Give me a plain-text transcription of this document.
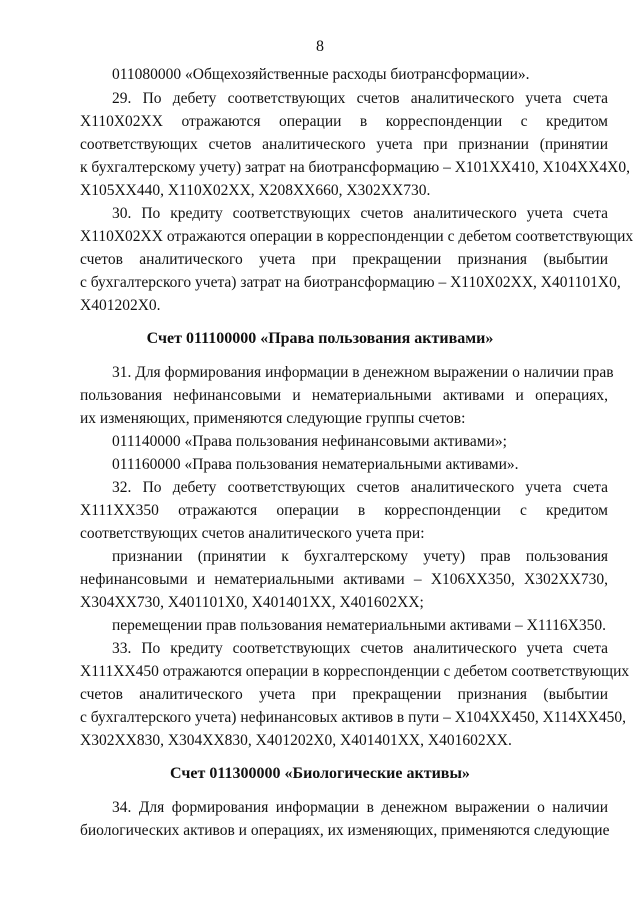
8
011080000 «Общехозяйственные расходы биотрансформации».
29. По дебету соответствующих счетов аналитического учета счета
Х110Х02ХХ отражаются операции в корреспонденции с кредитом
соответствующих счетов аналитического учета при признании (принятии
к бухгалтерскому учету) затрат на биотрансформацию – Х101ХХ410, Х104ХХ4Х0,
Х105ХХ440, Х110Х02ХХ, Х208ХХ660, Х302ХХ730.
30. По кредиту соответствующих счетов аналитического учета счета
Х110Х02ХХ отражаются операции в корреспонденции с дебетом соответствующих
счетов аналитического учета при прекращении признания (выбытии
с бухгалтерского учета) затрат на биотрансформацию – Х110Х02ХХ, Х401101Х0,
Х401202Х0.
Счет 011100000 «Права пользования активами»
31. Для формирования информации в денежном выражении о наличии прав
пользования нефинансовыми и нематериальными активами и операциях,
их изменяющих, применяются следующие группы счетов:
011140000 «Права пользования нефинансовыми активами»;
011160000 «Права пользования нематериальными активами».
32. По дебету соответствующих счетов аналитического учета счета
Х111ХХ350 отражаются операции в корреспонденции с кредитом
соответствующих счетов аналитического учета при:
признании (принятии к бухгалтерскому учету) прав пользования
нефинансовыми и нематериальными активами – Х106ХХ350, Х302ХХ730,
Х304ХХ730, Х401101Х0, Х401401ХХ, Х401602ХХ;
перемещении прав пользования нематериальными активами – Х1116Х350.
33. По кредиту соответствующих счетов аналитического учета счета
Х111ХХ450 отражаются операции в корреспонденции с дебетом соответствующих
счетов аналитического учета при прекращении признания (выбытии
с бухгалтерского учета) нефинансовых активов в пути – Х104ХХ450, Х114ХХ450,
Х302ХХ830, Х304ХХ830, Х401202Х0, Х401401ХХ, Х401602ХХ.
Счет 011300000 «Биологические активы»
34. Для формирования информации в денежном выражении о наличии
биологических активов и операциях, их изменяющих, применяются следующие
